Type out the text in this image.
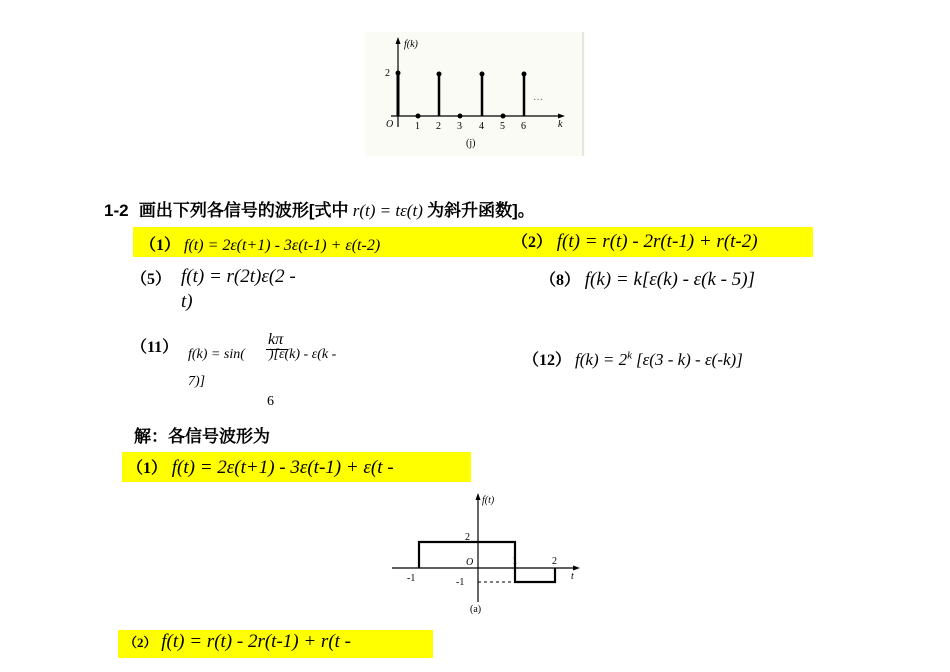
f(k)
2
O 1 2 3 4 5 6	k
…
(j)
1-2 画出下列各信号的波形[式中 r(t) = tε(t) 为斜升函数]。
（1） f(t) = 2ε(t+1) - 3ε(t-1) + ε(t-2)	（2） f(t) = r(t) - 2r(t-1) + r(t-2)
（5） f(t) = r(2t)ε(2 -
t)
（8） f(k) = k[ε(k) - ε(k - 5)]
（11）	kπ
f(k) = sin( )[ε(k) - ε(k -
7)]
6
（12） $f(k) = 2^k$ [ε(3 - k) - ε(-k)]
解：各信号波形为
（1） f(t) = 2ε(t+1) - 3ε(t-1) + ε(t -
f(t)
2
O
-1	-1
1	2
t
(a)
（2） f(t) = r(t) - 2r(t-1) + r(t -
